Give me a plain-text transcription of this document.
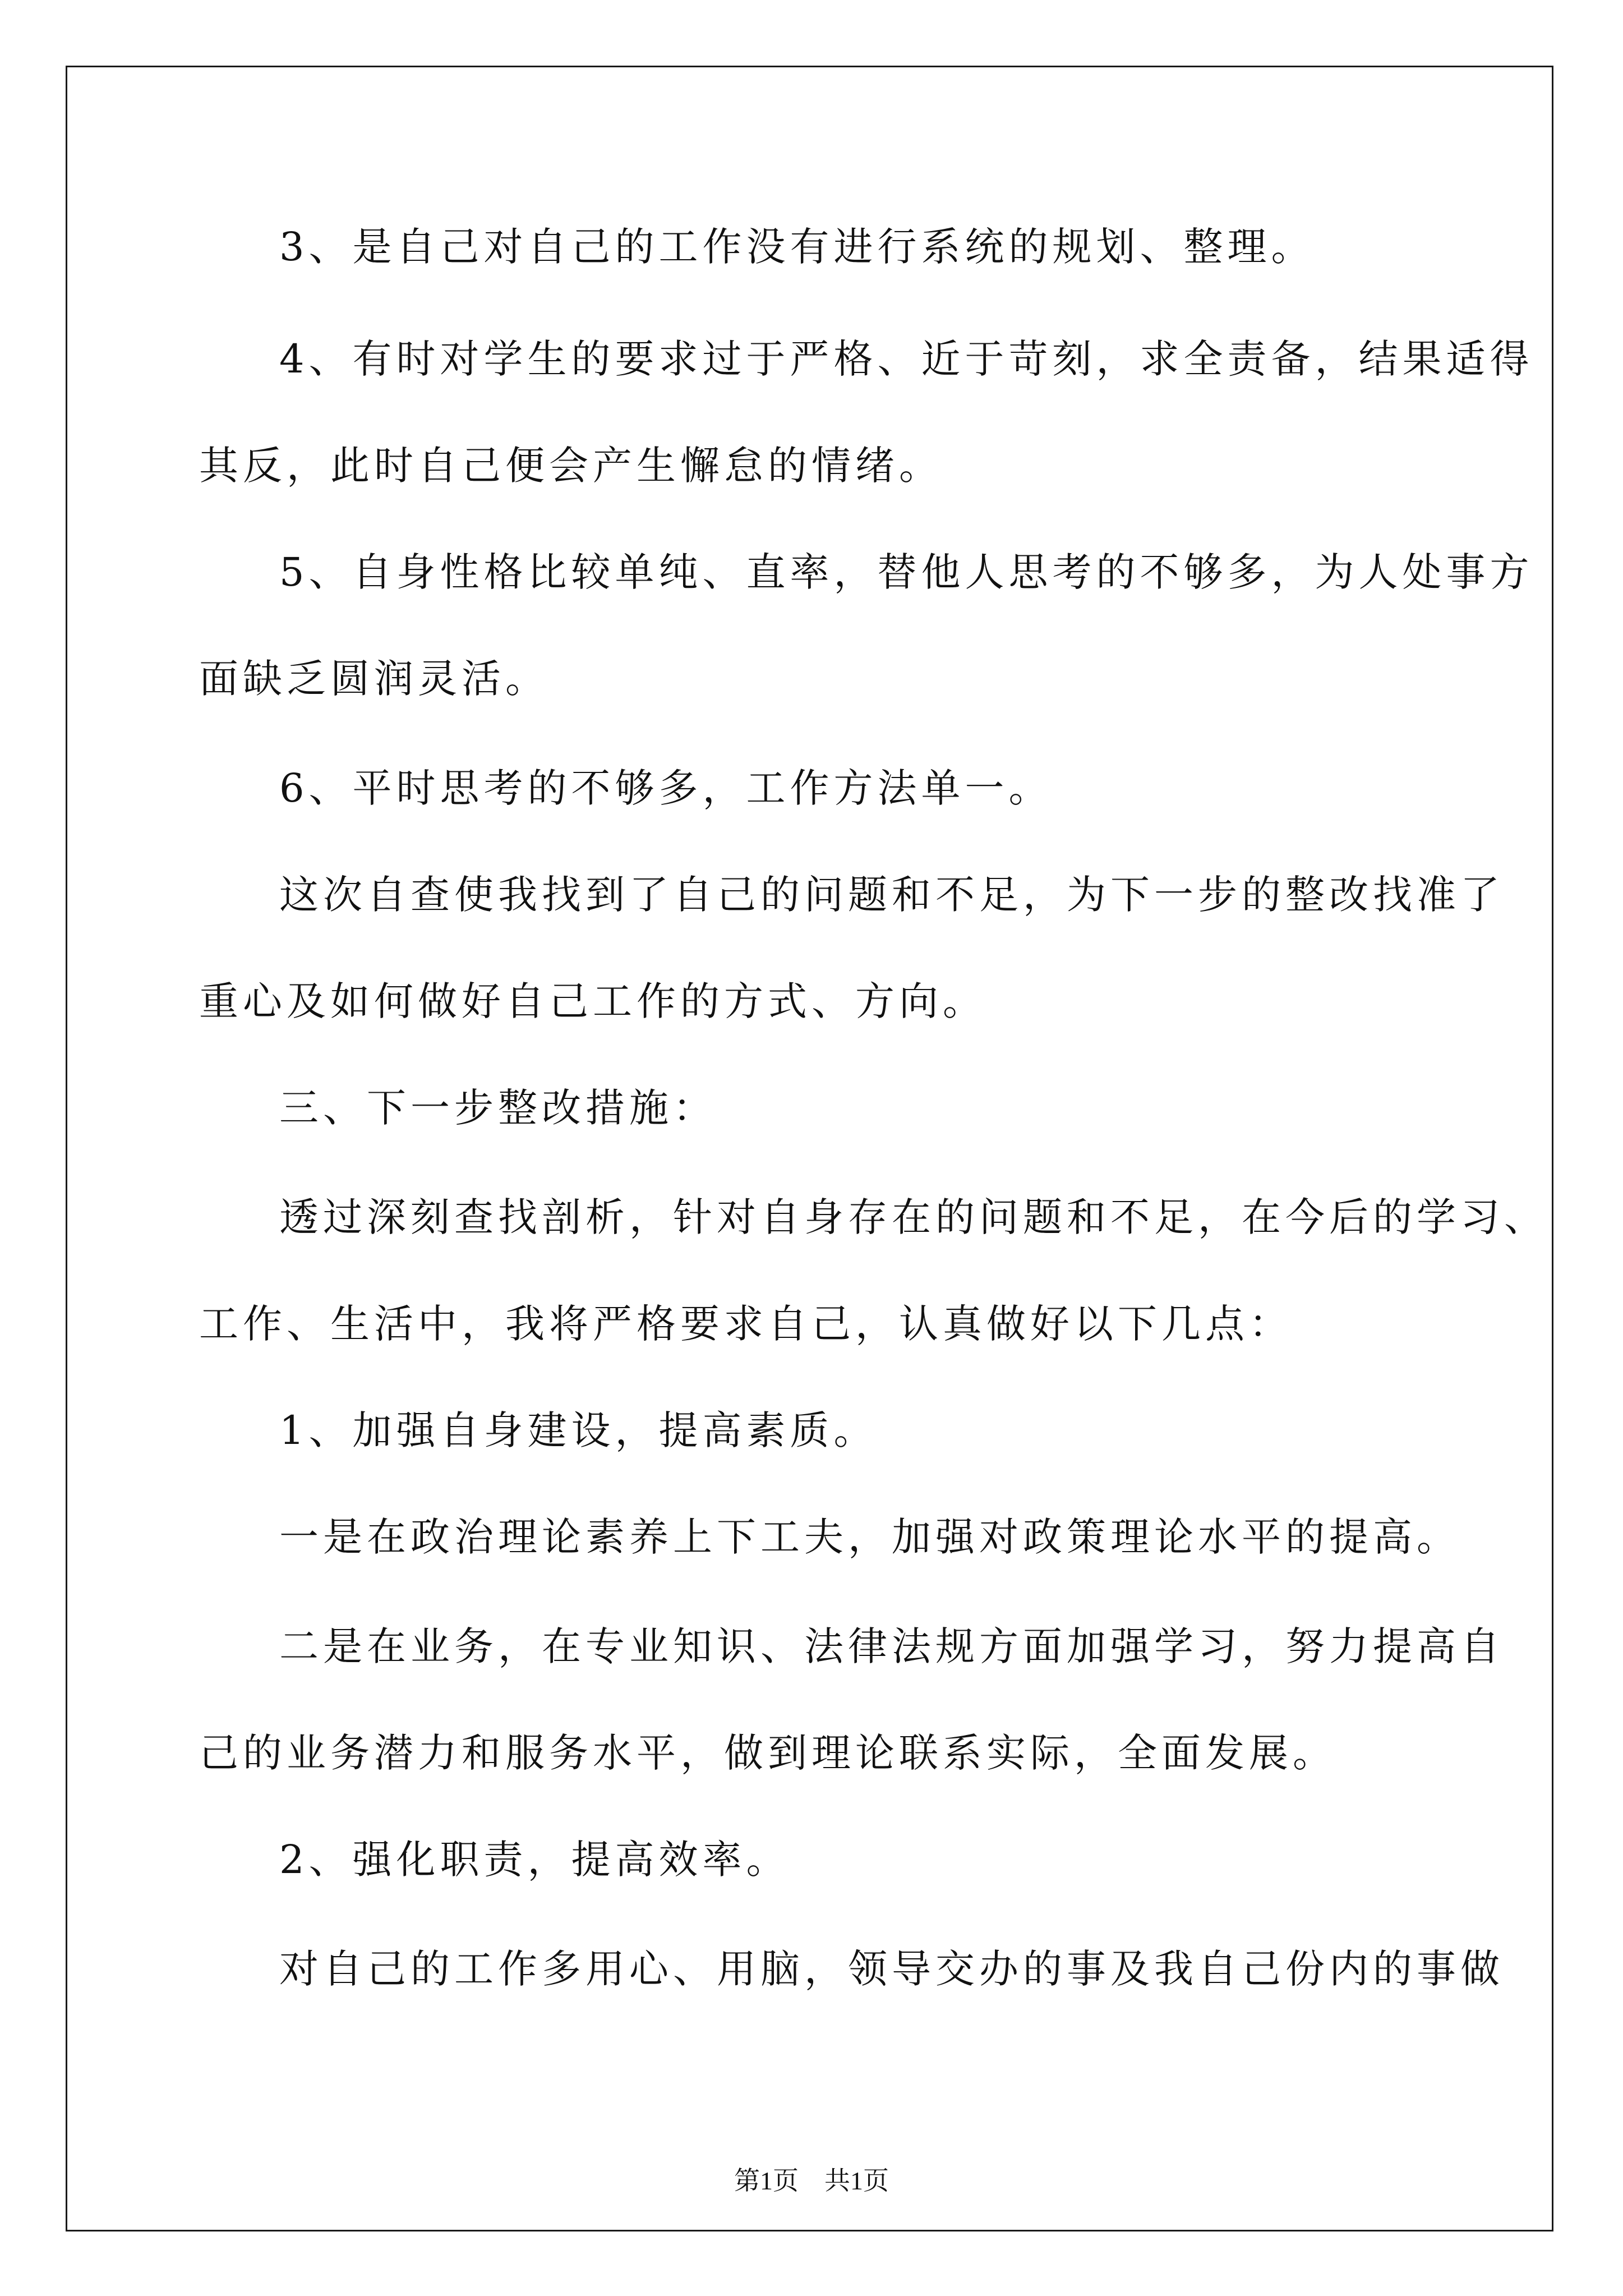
3、是自己对自己的工作没有进行系统的规划、整理。
4、有时对学生的要求过于严格、近于苛刻，求全责备，结果适得
其反，此时自己便会产生懈怠的情绪。
5、自身性格比较单纯、直率，替他人思考的不够多，为人处事方
面缺乏圆润灵活。
6、平时思考的不够多，工作方法单一。
这次自查使我找到了自己的问题和不足，为下一步的整改找准了
重心及如何做好自己工作的方式、方向。
三、下一步整改措施：
透过深刻查找剖析，针对自身存在的问题和不足，在今后的学习、
工作、生活中，我将严格要求自己，认真做好以下几点：
1、加强自身建设，提高素质。
一是在政治理论素养上下工夫，加强对政策理论水平的提高。
二是在业务，在专业知识、法律法规方面加强学习，努力提高自
己的业务潜力和服务水平，做到理论联系实际，全面发展。
2、强化职责，提高效率。
对自己的工作多用心、用脑，领导交办的事及我自己份内的事做
第1页　共1页
